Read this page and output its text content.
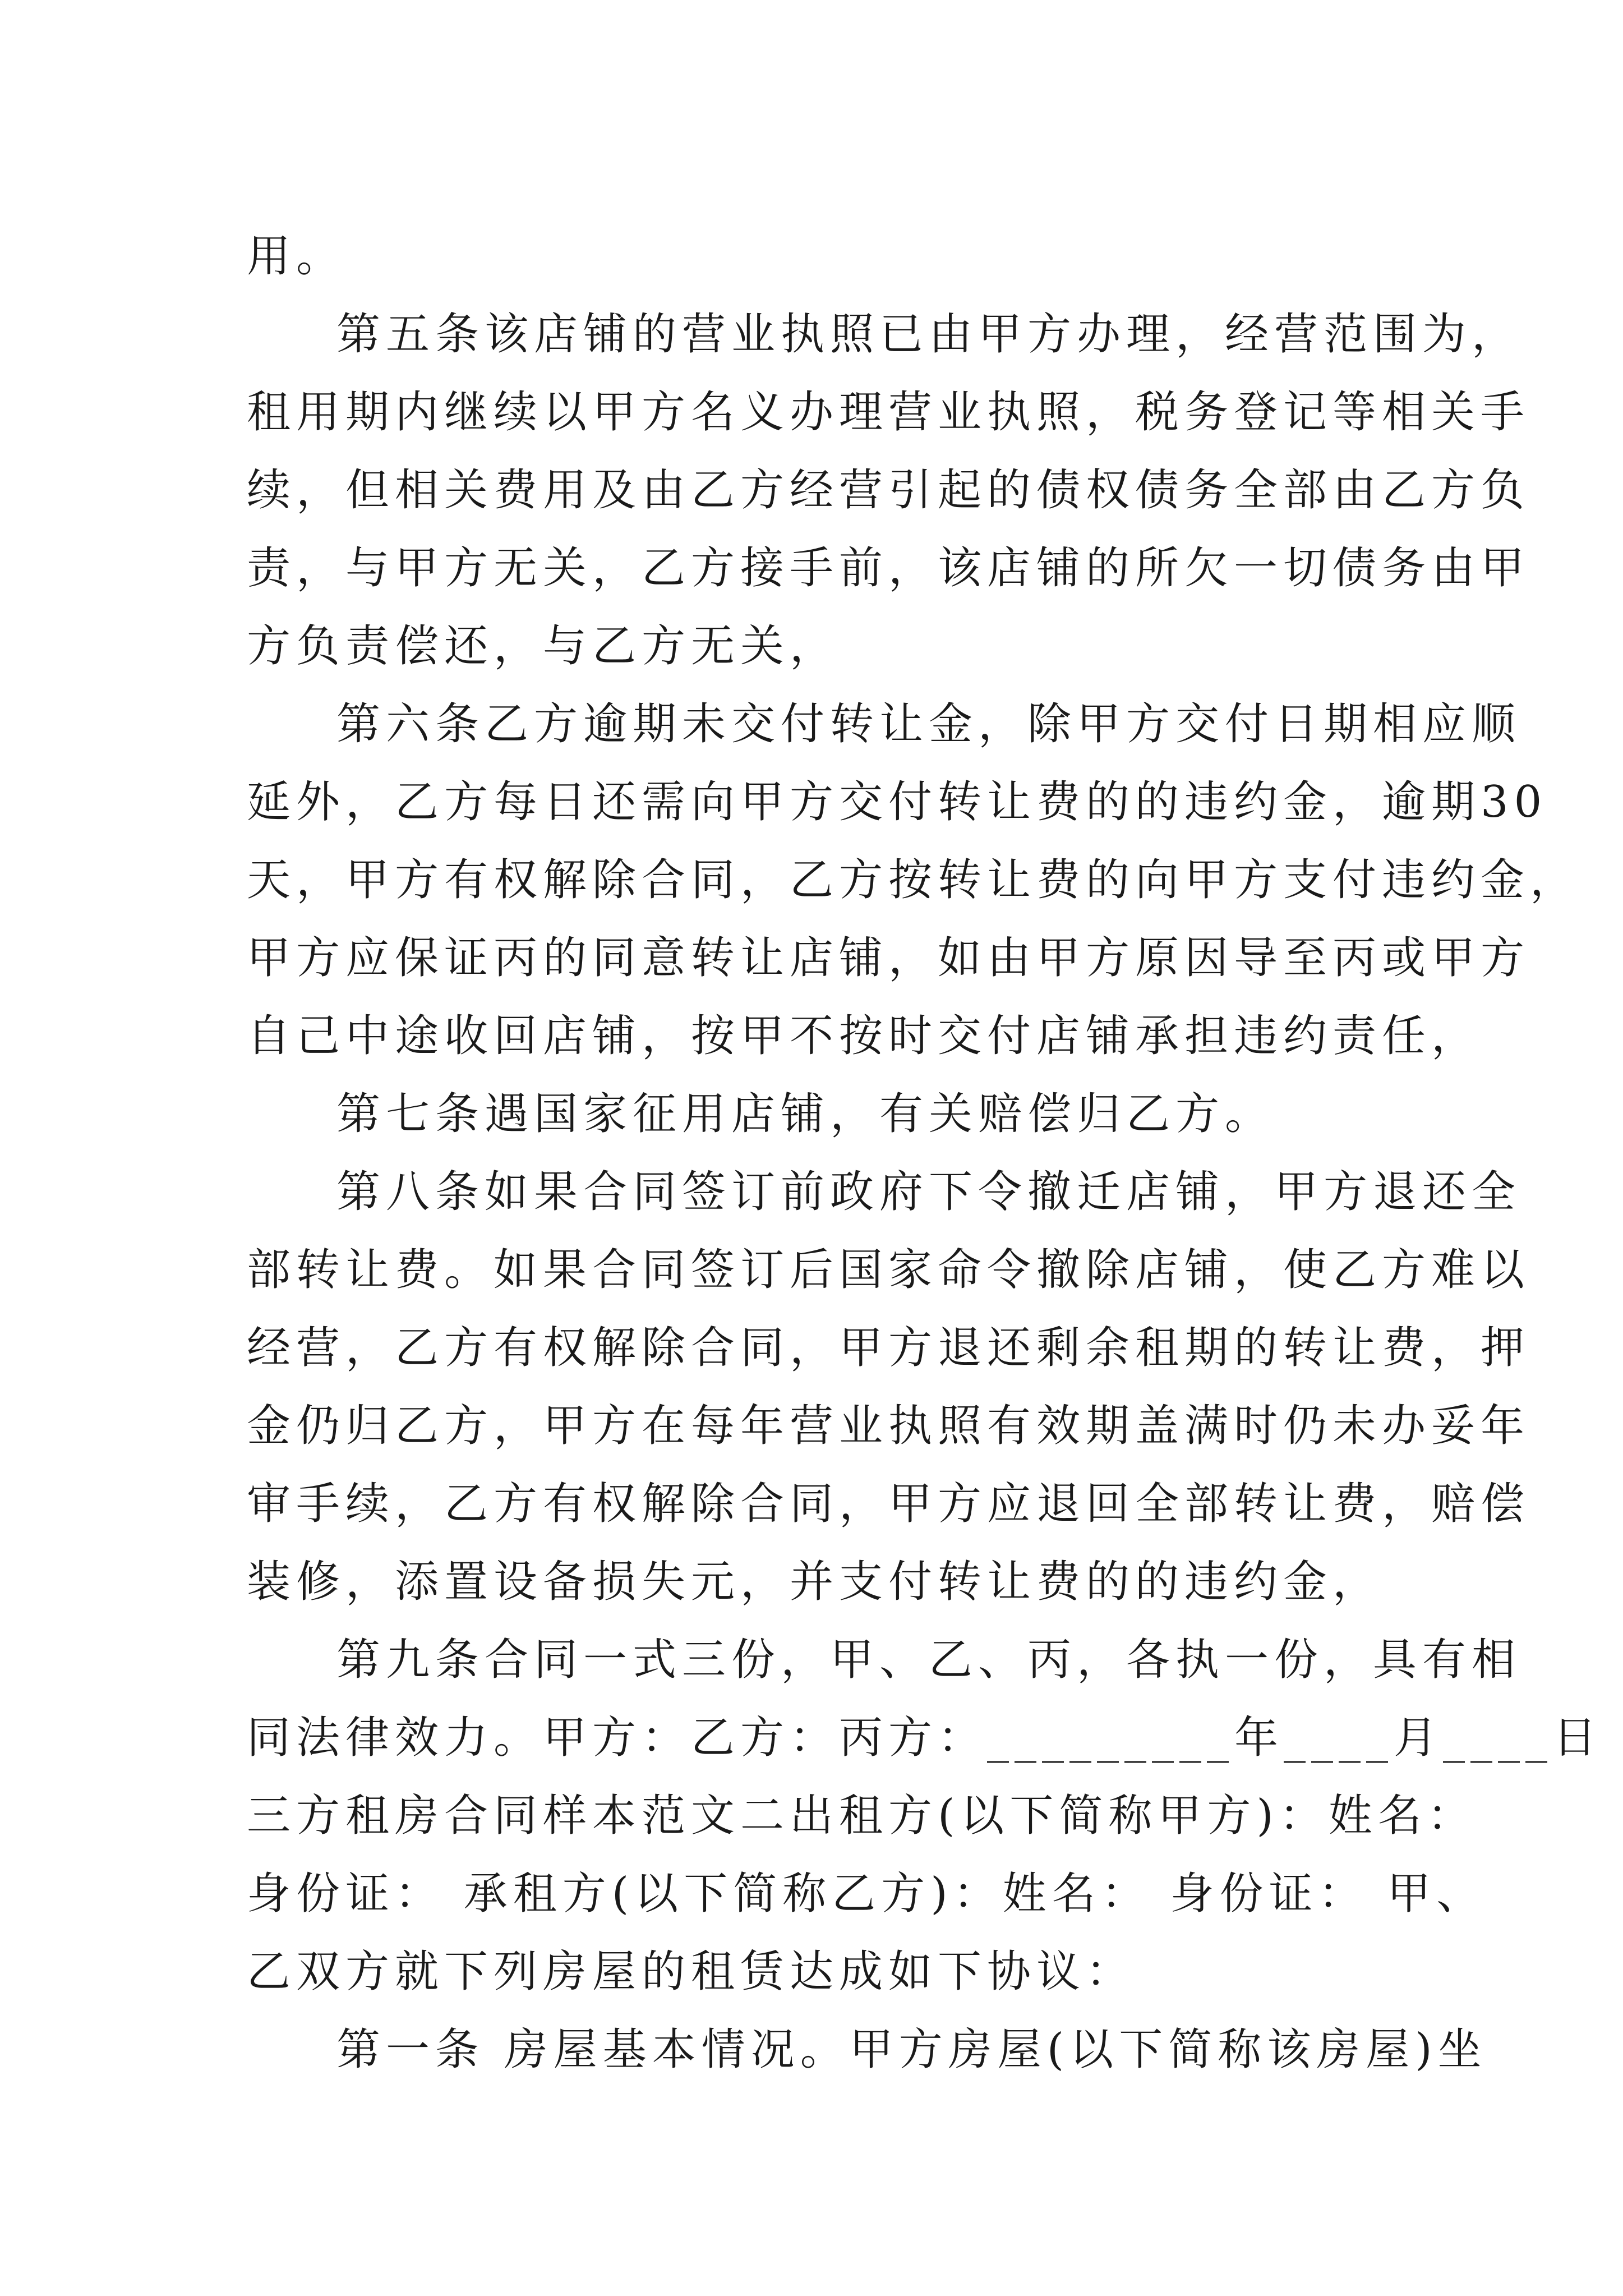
用。
第五条该店铺的营业执照已由甲方办理，经营范围为，
租用期内继续以甲方名义办理营业执照，税务登记等相关手
续，但相关费用及由乙方经营引起的债权债务全部由乙方负
责，与甲方无关，乙方接手前，该店铺的所欠一切债务由甲
方负责偿还，与乙方无关，
第六条乙方逾期未交付转让金，除甲方交付日期相应顺
延外，乙方每日还需向甲方交付转让费的的违约金，逾期30
天，甲方有权解除合同，乙方按转让费的向甲方支付违约金，
甲方应保证丙的同意转让店铺，如由甲方原因导至丙或甲方
自己中途收回店铺，按甲不按时交付店铺承担违约责任，
第七条遇国家征用店铺，有关赔偿归乙方。
第八条如果合同签订前政府下令撤迁店铺，甲方退还全
部转让费。如果合同签订后国家命令撤除店铺，使乙方难以
经营，乙方有权解除合同，甲方退还剩余租期的转让费，押
金仍归乙方，甲方在每年营业执照有效期盖满时仍未办妥年
审手续，乙方有权解除合同，甲方应退回全部转让费，赔偿
装修，添置设备损失元，并支付转让费的的违约金，
第九条合同一式三份，甲、乙、丙，各执一份，具有相
同法律效力。甲方：乙方：丙方：_________年____月____日
三方租房合同样本范文二出租方(以下简称甲方)：姓名：
身份证： 承租方(以下简称乙方)：姓名： 身份证： 甲、
乙双方就下列房屋的租赁达成如下协议：
第一条 房屋基本情况。甲方房屋(以下简称该房屋)坐
